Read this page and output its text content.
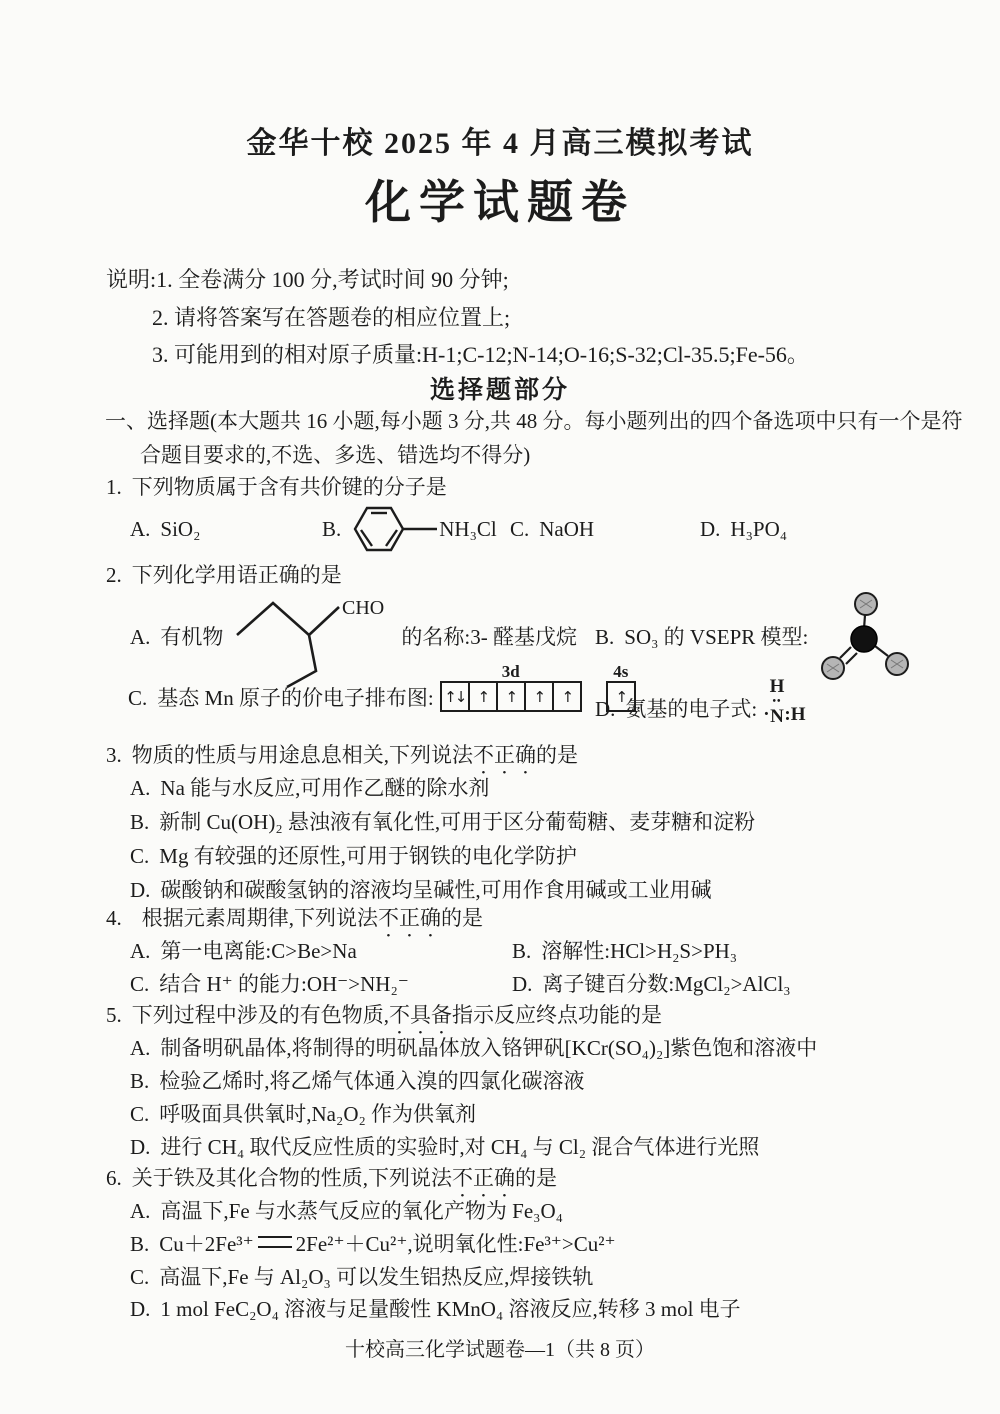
金华十校 2025 年 4 月高三模拟考试
化学试题卷
说明:1. 全卷满分 100 分,考试时间 90 分钟;
2. 请将答案写在答题卷的相应位置上;
3. 可能用到的相对原子质量:H-1;C-12;N-14;O-16;S-32;Cl-35.5;Fe-56。
选择题部分
一、选择题(本大题共 16 小题,每小题 3 分,共 48 分。每小题列出的四个备选项中只有一个是符
合题目要求的,不选、多选、错选均不得分)
1. 下列物质属于含有共价键的分子是
A. SiO₂	B.	NH₃Cl C. NaOH	D. H₃PO₄
2. 下列化学用语正确的是
A. 有机物
CHO
的名称:3- 醛基戊烷 B. SO₃ 的 VSEPR 模型:
C. 基态 Mn 原子的价电子排布图:
3d
↑↓ ↑	↑	↑	↑
4s
↑
D. 氨基的电子式: ·
H
••
N : H
3. 物质的性质与用途息息相关,下列说法不正确的是
A. Na 能与水反应,可用作乙醚的除水剂
B. 新制 Cu(OH)₂ 悬浊液有氧化性,可用于区分葡萄糖、麦芽糖和淀粉
C. Mg 有较强的还原性,可用于钢铁的电化学防护
D. 碳酸钠和碳酸氢钠的溶液均呈碱性,可用作食用碱或工业用碱
4. 根据元素周期律,下列说法不正确的是
A. 第一电离能:C>Be>Na	B. 溶解性:HCl>H₂S>PH₃
C. 结合 H⁺ 的能力:OH⁻>NH₂⁻	D. 离子键百分数:MgCl₂>AlCl₃
5. 下列过程中涉及的有色物质,不具备指示反应终点功能的是
A. 制备明矾晶体,将制得的明矾晶体放入铬钾矾[KCr(SO₄)₂]紫色饱和溶液中
B. 检验乙烯时,将乙烯气体通入溴的四氯化碳溶液
C. 呼吸面具供氧时,Na₂O₂ 作为供氧剂
D. 进行 CH₄ 取代反应性质的实验时,对 CH₄ 与 Cl₂ 混合气体进行光照
6. 关于铁及其化合物的性质,下列说法不正确的是
A. 高温下,Fe 与水蒸气反应的氧化产物为 Fe₃O₄
B. Cu＋2Fe³⁺ 2Fe²⁺＋Cu²⁺,说明氧化性:Fe³⁺>Cu²⁺
C. 高温下,Fe 与 Al₂O₃ 可以发生铝热反应,焊接铁轨
D. 1 mol FeC₂O₄ 溶液与足量酸性 KMnO₄ 溶液反应,转移 3 mol 电子
十校高三化学试题卷—1（共 8 页）
